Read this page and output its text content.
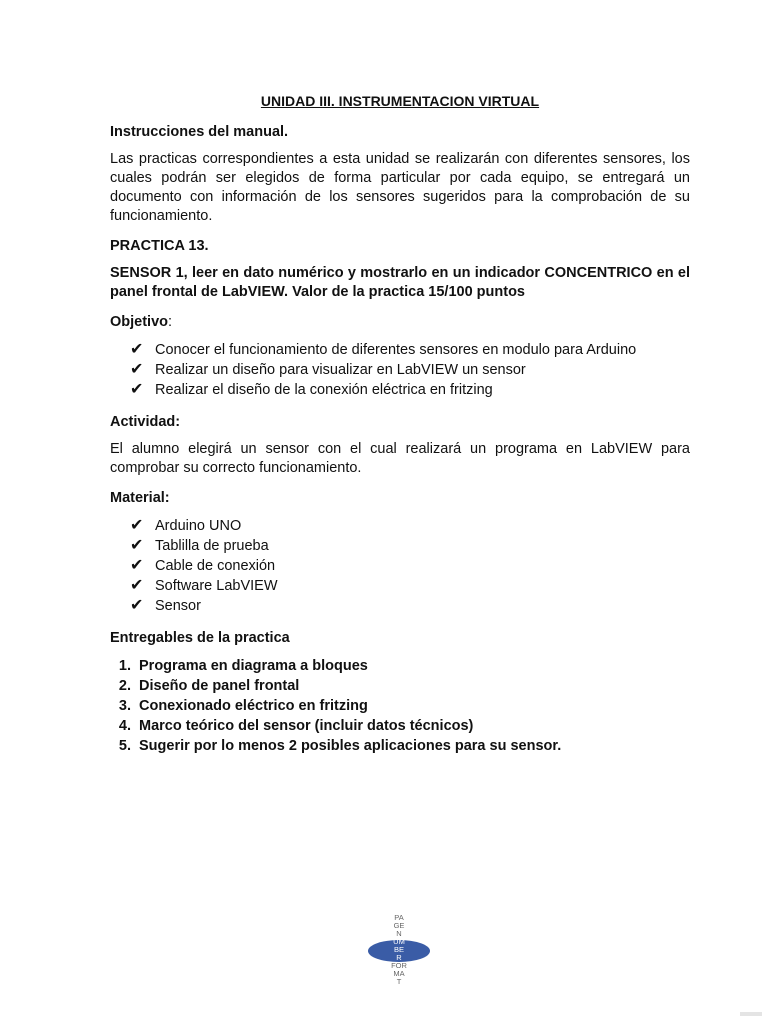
UNIDAD III. INSTRUMENTACION VIRTUAL
Instrucciones del manual.
Las practicas correspondientes a esta unidad se realizarán con diferentes sensores, los cuales podrán ser elegidos de forma particular por cada equipo, se entregará un documento con información de los sensores sugeridos para la comprobación de su funcionamiento.
PRACTICA 13.
SENSOR 1, leer en dato numérico y mostrarlo en un indicador CONCENTRICO en el panel frontal de LabVIEW. Valor de la practica 15/100 puntos
Objetivo:
✔ Conocer el funcionamiento de diferentes sensores en modulo para Arduino
✔ Realizar un diseño para visualizar en LabVIEW un sensor
✔ Realizar el diseño de la conexión eléctrica en fritzing
Actividad:
El alumno elegirá un sensor con el cual realizará un programa en LabVIEW para comprobar su correcto funcionamiento.
Material:
✔ Arduino UNO
✔ Tablilla de prueba
✔ Cable de conexión
✔ Software LabVIEW
✔ Sensor
Entregables de la practica
1. Programa en diagrama a bloques
2. Diseño de panel frontal
3. Conexionado eléctrico en fritzing
4. Marco teórico del sensor (incluir datos técnicos)
5. Sugerir por lo menos 2 posibles aplicaciones para su sensor.
PA
GE
N
UM
BE
R
FOR
MA
T
